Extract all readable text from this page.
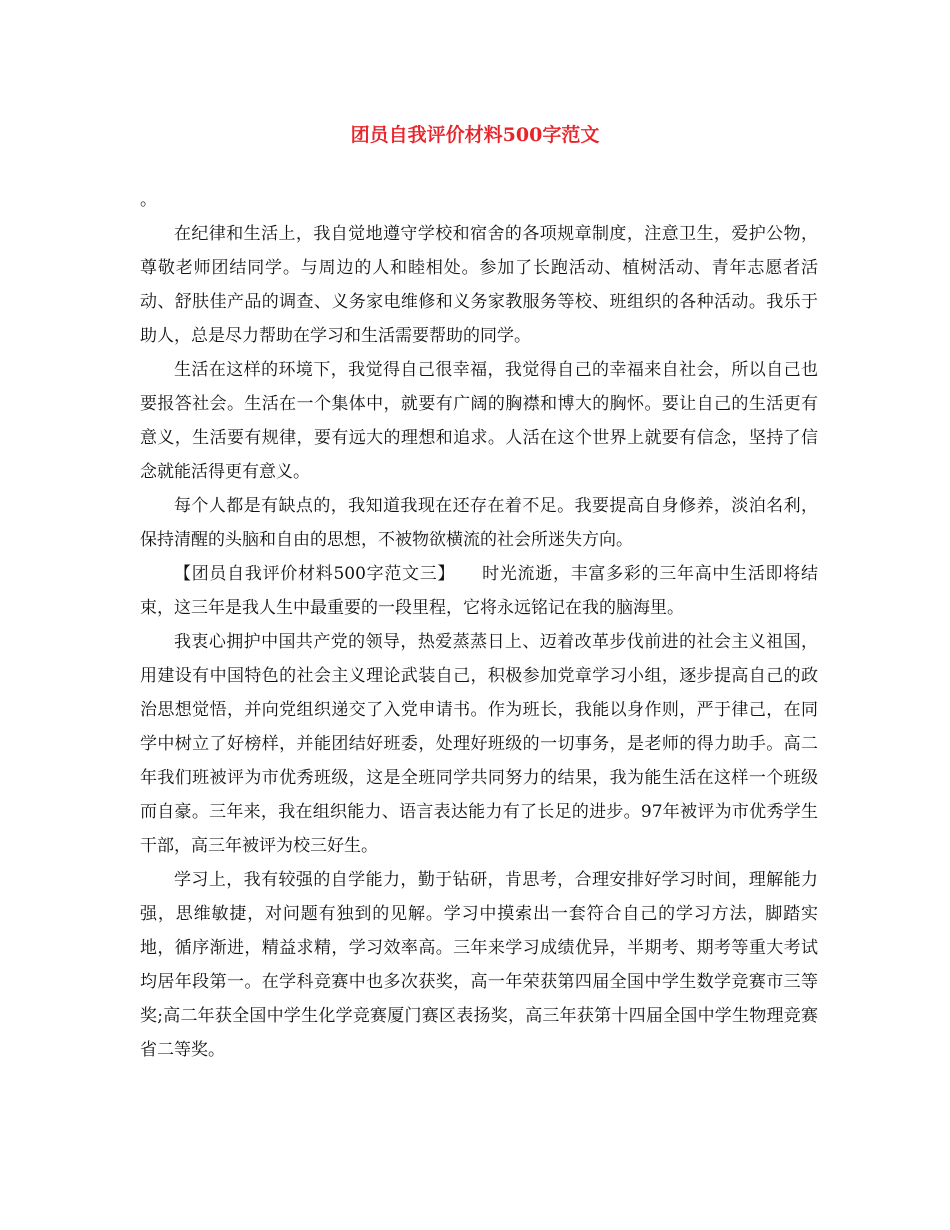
团员自我评价材料500字范文

。

在纪律和生活上，我自觉地遵守学校和宿舍的各项规章制度，注意卫生，爱护公物，尊敬老师团结同学。与周边的人和睦相处。参加了长跑活动、植树活动、青年志愿者活动、舒肤佳产品的调查、义务家电维修和义务家教服务等校、班组织的各种活动。我乐于助人，总是尽力帮助在学习和生活需要帮助的同学。

生活在这样的环境下，我觉得自己很幸福，我觉得自己的幸福来自社会，所以自己也要报答社会。生活在一个集体中，就要有广阔的胸襟和博大的胸怀。要让自己的生活更有意义，生活要有规律，要有远大的理想和追求。人活在这个世界上就要有信念，坚持了信念就能活得更有意义。

每个人都是有缺点的，我知道我现在还存在着不足。我要提高自身修养，淡泊名利，保持清醒的头脑和自由的思想，不被物欲横流的社会所迷失方向。

【团员自我评价材料500字范文三】　　时光流逝，丰富多彩的三年高中生活即将结束，这三年是我人生中最重要的一段里程，它将永远铭记在我的脑海里。

我衷心拥护中国共产党的领导，热爱蒸蒸日上、迈着改革步伐前进的社会主义祖国，用建设有中国特色的社会主义理论武装自己，积极参加党章学习小组，逐步提高自己的政治思想觉悟，并向党组织递交了入党申请书。作为班长，我能以身作则，严于律己，在同学中树立了好榜样，并能团结好班委，处理好班级的一切事务，是老师的得力助手。高二年我们班被评为市优秀班级，这是全班同学共同努力的结果，我为能生活在这样一个班级而自豪。三年来，我在组织能力、语言表达能力有了长足的进步。97年被评为市优秀学生干部，高三年被评为校三好生。

学习上，我有较强的自学能力，勤于钻研，肯思考，合理安排好学习时间，理解能力强，思维敏捷，对问题有独到的见解。学习中摸索出一套符合自己的学习方法，脚踏实地，循序渐进，精益求精，学习效率高。三年来学习成绩优异，半期考、期考等重大考试均居年段第一。在学科竞赛中也多次获奖，高一年荣获第四届全国中学生数学竞赛市三等奖;高二年获全国中学生化学竞赛厦门赛区表扬奖，高三年获第十四届全国中学生物理竞赛省二等奖。
